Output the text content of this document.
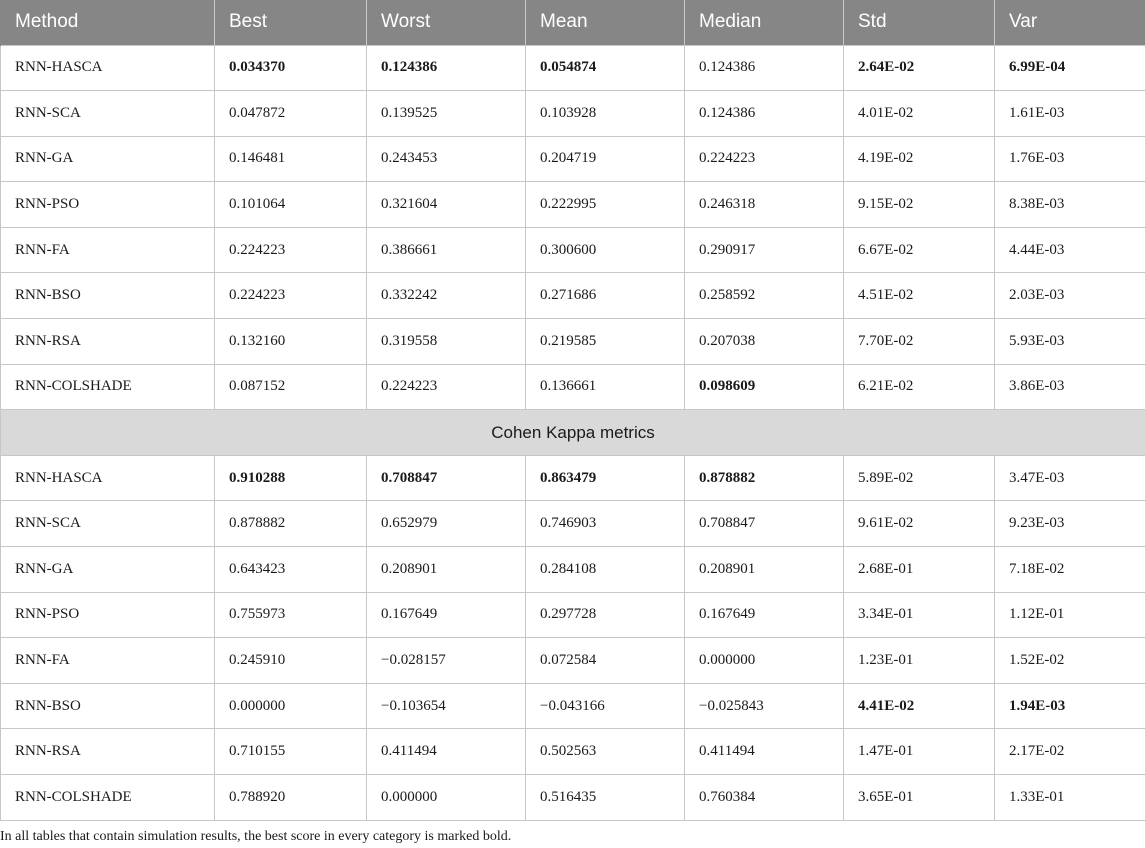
Method	Best	Worst	Mean	Median	Std	Var
RNN-HASCA	0.034370	0.124386	0.054874	0.124386	2.64E-02	6.99E-04
RNN-SCA	0.047872	0.139525	0.103928	0.124386	4.01E-02	1.61E-03
RNN-GA	0.146481	0.243453	0.204719	0.224223	4.19E-02	1.76E-03
RNN-PSO	0.101064	0.321604	0.222995	0.246318	9.15E-02	8.38E-03
RNN-FA	0.224223	0.386661	0.300600	0.290917	6.67E-02	4.44E-03
RNN-BSO	0.224223	0.332242	0.271686	0.258592	4.51E-02	2.03E-03
RNN-RSA	0.132160	0.319558	0.219585	0.207038	7.70E-02	5.93E-03
RNN-COLSHADE	0.087152	0.224223	0.136661	0.098609	6.21E-02	3.86E-03
Cohen Kappa metrics						
RNN-HASCA	0.910288	0.708847	0.863479	0.878882	5.89E-02	3.47E-03
RNN-SCA	0.878882	0.652979	0.746903	0.708847	9.61E-02	9.23E-03
RNN-GA	0.643423	0.208901	0.284108	0.208901	2.68E-01	7.18E-02
RNN-PSO	0.755973	0.167649	0.297728	0.167649	3.34E-01	1.12E-01
RNN-FA	0.245910	−0.028157	0.072584	0.000000	1.23E-01	1.52E-02
RNN-BSO	0.000000	−0.103654	−0.043166	−0.025843	4.41E-02	1.94E-03
RNN-RSA	0.710155	0.411494	0.502563	0.411494	1.47E-01	2.17E-02
RNN-COLSHADE	0.788920	0.000000	0.516435	0.760384	3.65E-01	1.33E-01
In all tables that contain simulation results, the best score in every category is marked bold.
